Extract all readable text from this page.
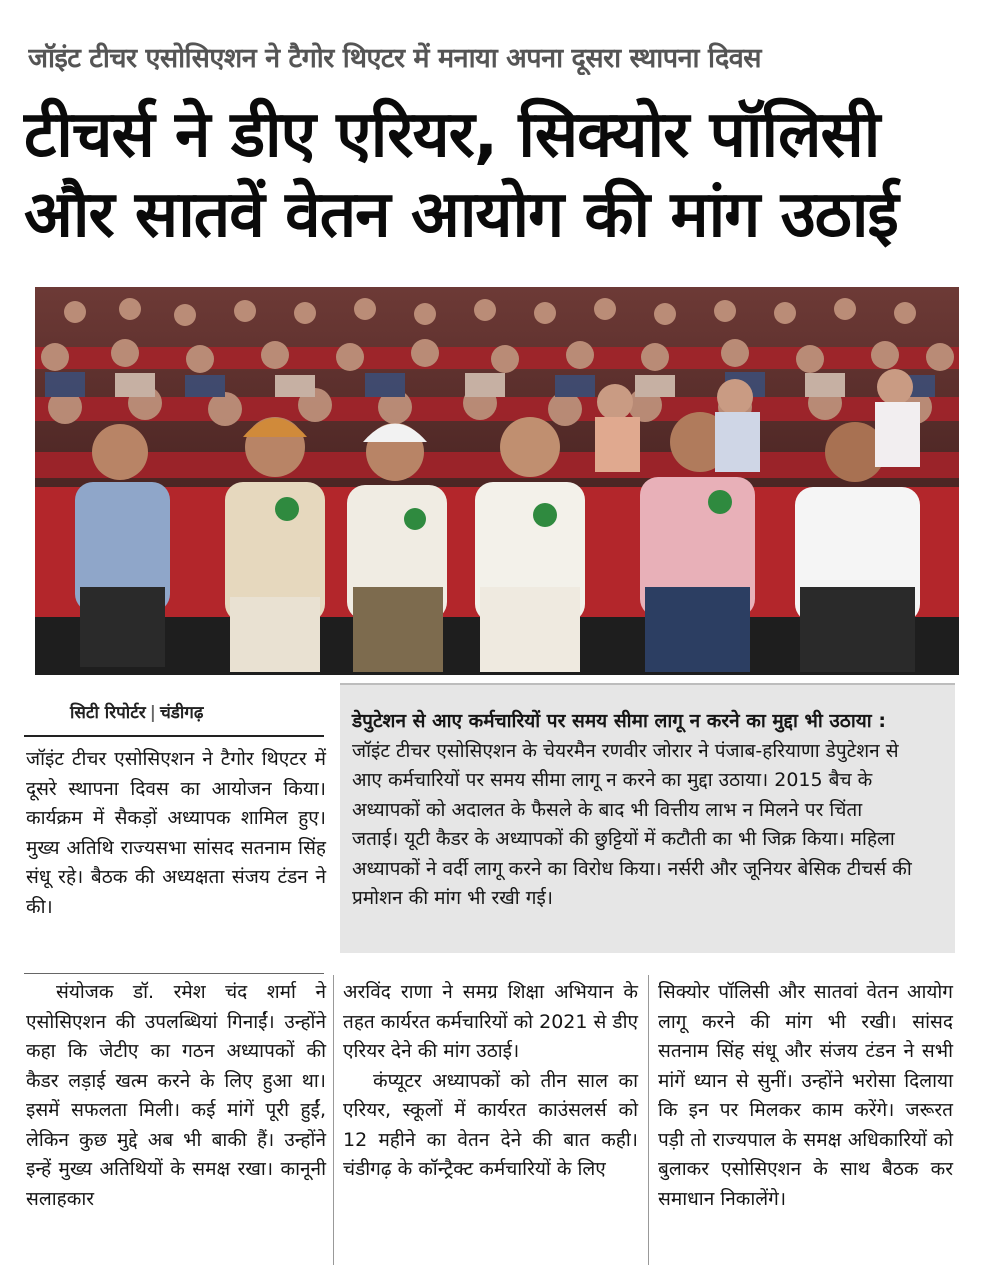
जॉइंट टीचर एसोसिएशन ने टैगोर थिएटर में मनाया अपना दूसरा स्थापना दिवस
टीचर्स ने डीए एरियर, सिक्योर पॉलिसी
और सातवें वेतन आयोग की मांग उठाई
सिटी रिपोर्टर | चंडीगढ़

जॉइंट टीचर एसोसिएशन ने टैगोर थिएटर में दूसरे स्थापना दिवस का आयोजन किया। कार्यक्रम में सैकड़ों अध्यापक शामिल हुए। मुख्य अतिथि राज्यसभा सांसद सतनाम सिंह संधू रहे। बैठक की अध्यक्षता संजय टंडन ने की।

डेपुटेशन से आए कर्मचारियों पर समय सीमा लागू न करने का मुद्दा भी उठाया : जॉइंट टीचर एसोसिएशन के चेयरमैन रणवीर जोरार ने पंजाब-हरियाणा डेपुटेशन से आए कर्मचारियों पर समय सीमा लागू न करने का मुद्दा उठाया। 2015 बैच के अध्यापकों को अदालत के फैसले के बाद भी वित्तीय लाभ न मिलने पर चिंता जताई। यूटी कैडर के अध्यापकों की छुट्टियों में कटौती का भी जिक्र किया। महिला अध्यापकों ने वर्दी लागू करने का विरोध किया। नर्सरी और जूनियर बेसिक टीचर्स की प्रमोशन की मांग भी रखी गई।

संयोजक डॉ. रमेश चंद शर्मा ने एसोसिएशन की उपलब्धियां गिनाईं। उन्होंने कहा कि जेटीए का गठन अध्यापकों की कैडर लड़ाई खत्म करने के लिए हुआ था। इसमें सफलता मिली। कई मांगें पूरी हुईं, लेकिन कुछ मुद्दे अब भी बाकी हैं। उन्होंने इन्हें मुख्य अतिथियों के समक्ष रखा। कानूनी सलाहकार

अरविंद राणा ने समग्र शिक्षा अभियान के तहत कार्यरत कर्मचारियों को 2021 से डीए एरियर देने की मांग उठाई।

कंप्यूटर अध्यापकों को तीन साल का एरियर, स्कूलों में कार्यरत काउंसलर्स को 12 महीने का वेतन देने की बात कही। चंडीगढ़ के कॉन्ट्रैक्ट कर्मचारियों के लिए

सिक्योर पॉलिसी और सातवां वेतन आयोग लागू करने की मांग भी रखी। सांसद सतनाम सिंह संधू और संजय टंडन ने सभी मांगें ध्यान से सुनीं। उन्होंने भरोसा दिलाया कि इन पर मिलकर काम करेंगे। जरूरत पड़ी तो राज्यपाल के समक्ष अधिकारियों को बुलाकर एसोसिएशन के साथ बैठक कर समाधान निकालेंगे।
